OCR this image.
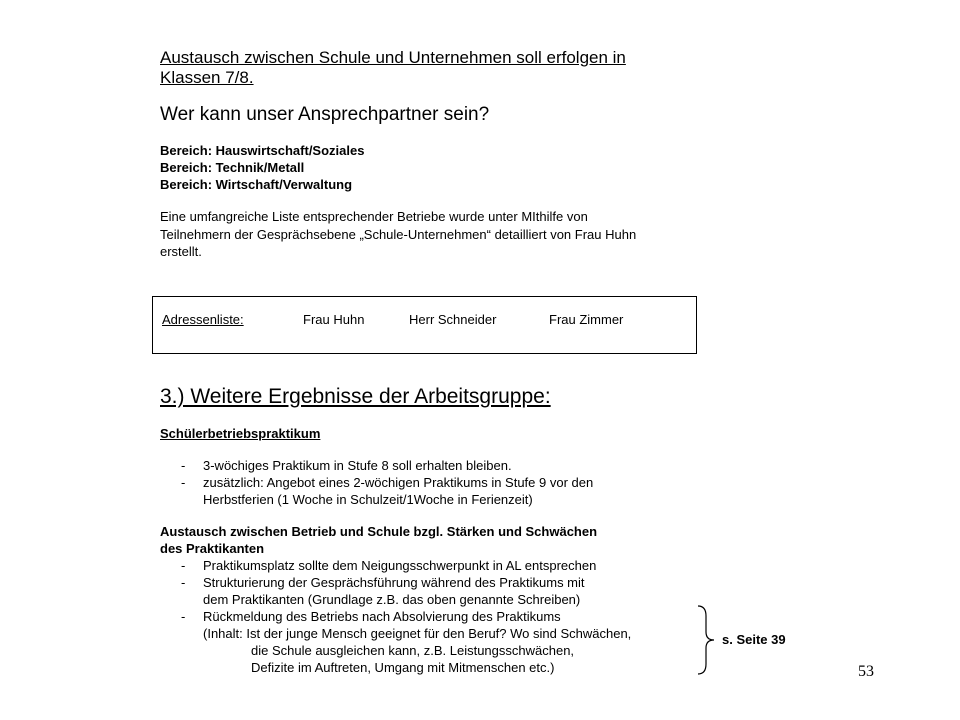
Austausch zwischen Schule und Unternehmen soll erfolgen in
Klassen 7/8.
Wer kann unser Ansprechpartner sein?
Bereich: Hauswirtschaft/Soziales
Bereich: Technik/Metall
Bereich: Wirtschaft/Verwaltung
Eine umfangreiche Liste entsprechender Betriebe wurde unter MIthilfe von
Teilnehmern der Gesprächsebene „Schule-Unternehmen“ detailliert von Frau Huhn
erstellt.
Adressenliste:	Frau Huhn	Herr Schneider	Frau Zimmer
3.) Weitere Ergebnisse der Arbeitsgruppe:
Schülerbetriebspraktikum
- 3-wöchiges Praktikum in Stufe 8 soll erhalten bleiben.
- zusätzlich: Angebot eines 2-wöchigen Praktikums in Stufe 9 vor den
Herbstferien (1 Woche in Schulzeit/1Woche in Ferienzeit)
Austausch zwischen Betrieb und Schule bzgl. Stärken und Schwächen
des Praktikanten
- Praktikumsplatz sollte dem Neigungsschwerpunkt in AL entsprechen
- Strukturierung der Gesprächsführung während des Praktikums mit
dem Praktikanten (Grundlage z.B. das oben genannte Schreiben)
- Rückmeldung des Betriebs nach Absolvierung des Praktikums
(Inhalt: Ist der junge Mensch geeignet für den Beruf? Wo sind Schwächen,
die Schule ausgleichen kann, z.B. Leistungsschwächen,
Defizite im Auftreten, Umgang mit Mitmenschen etc.)
s. Seite 39
53
